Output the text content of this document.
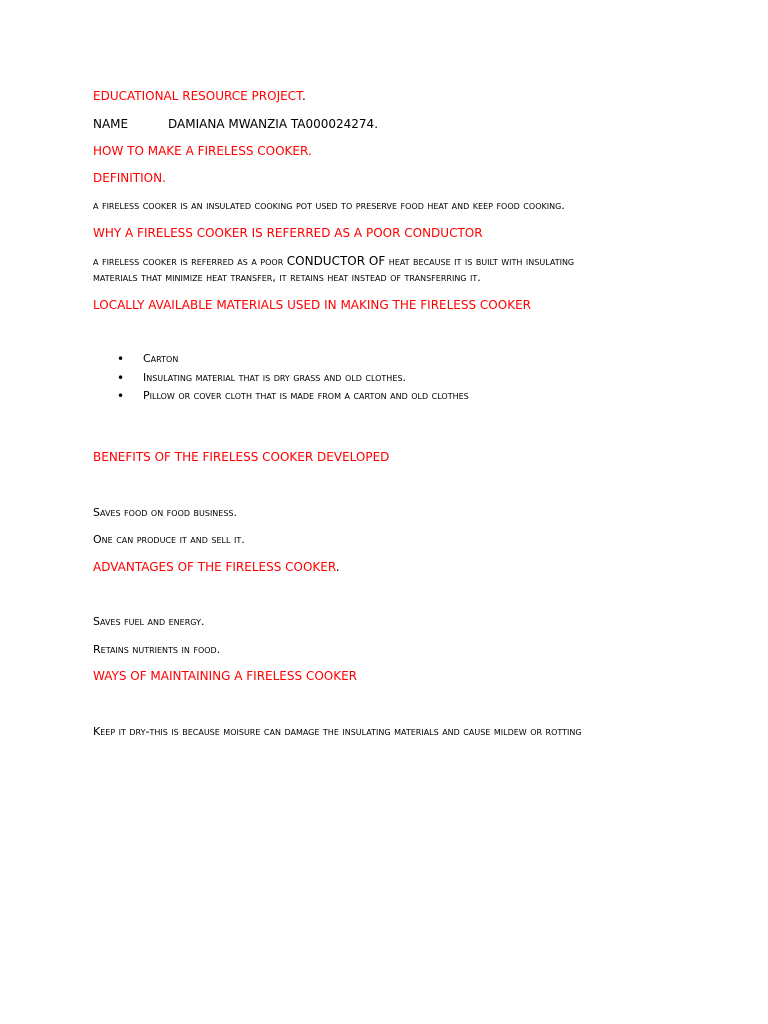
EDUCATIONAL RESOURCE PROJECT.
NAME	DAMIANA MWANZIA TA000024274.
HOW TO MAKE A FIRELESS COOKER.
DEFINITION.
a fireless cooker is an insulated cooking pot used to preserve food heat and keep food cooking.
WHY A FIRELESS COOKER IS REFERRED AS A POOR CONDUCTOR
a fireless cooker is referred as a poor CONDUCTOR OF heat because it is built with insulating
materials that minimize heat transfer, it retains heat instead of transferring it.
LOCALLY AVAILABLE MATERIALS USED IN MAKING THE FIRELESS COOKER
• Carton
• Insulating material that is dry grass and old clothes.
• Pillow or cover cloth that is made from a carton and old clothes
BENEFITS OF THE FIRELESS COOKER DEVELOPED
Saves food on food business.
One can produce it and sell it.
ADVANTAGES OF THE FIRELESS COOKER.
Saves fuel and energy.
Retains nutrients in food.
WAYS OF MAINTAINING A FIRELESS COOKER
Keep it dry-this is because moisure can damage the insulating materials and cause mildew or rotting
